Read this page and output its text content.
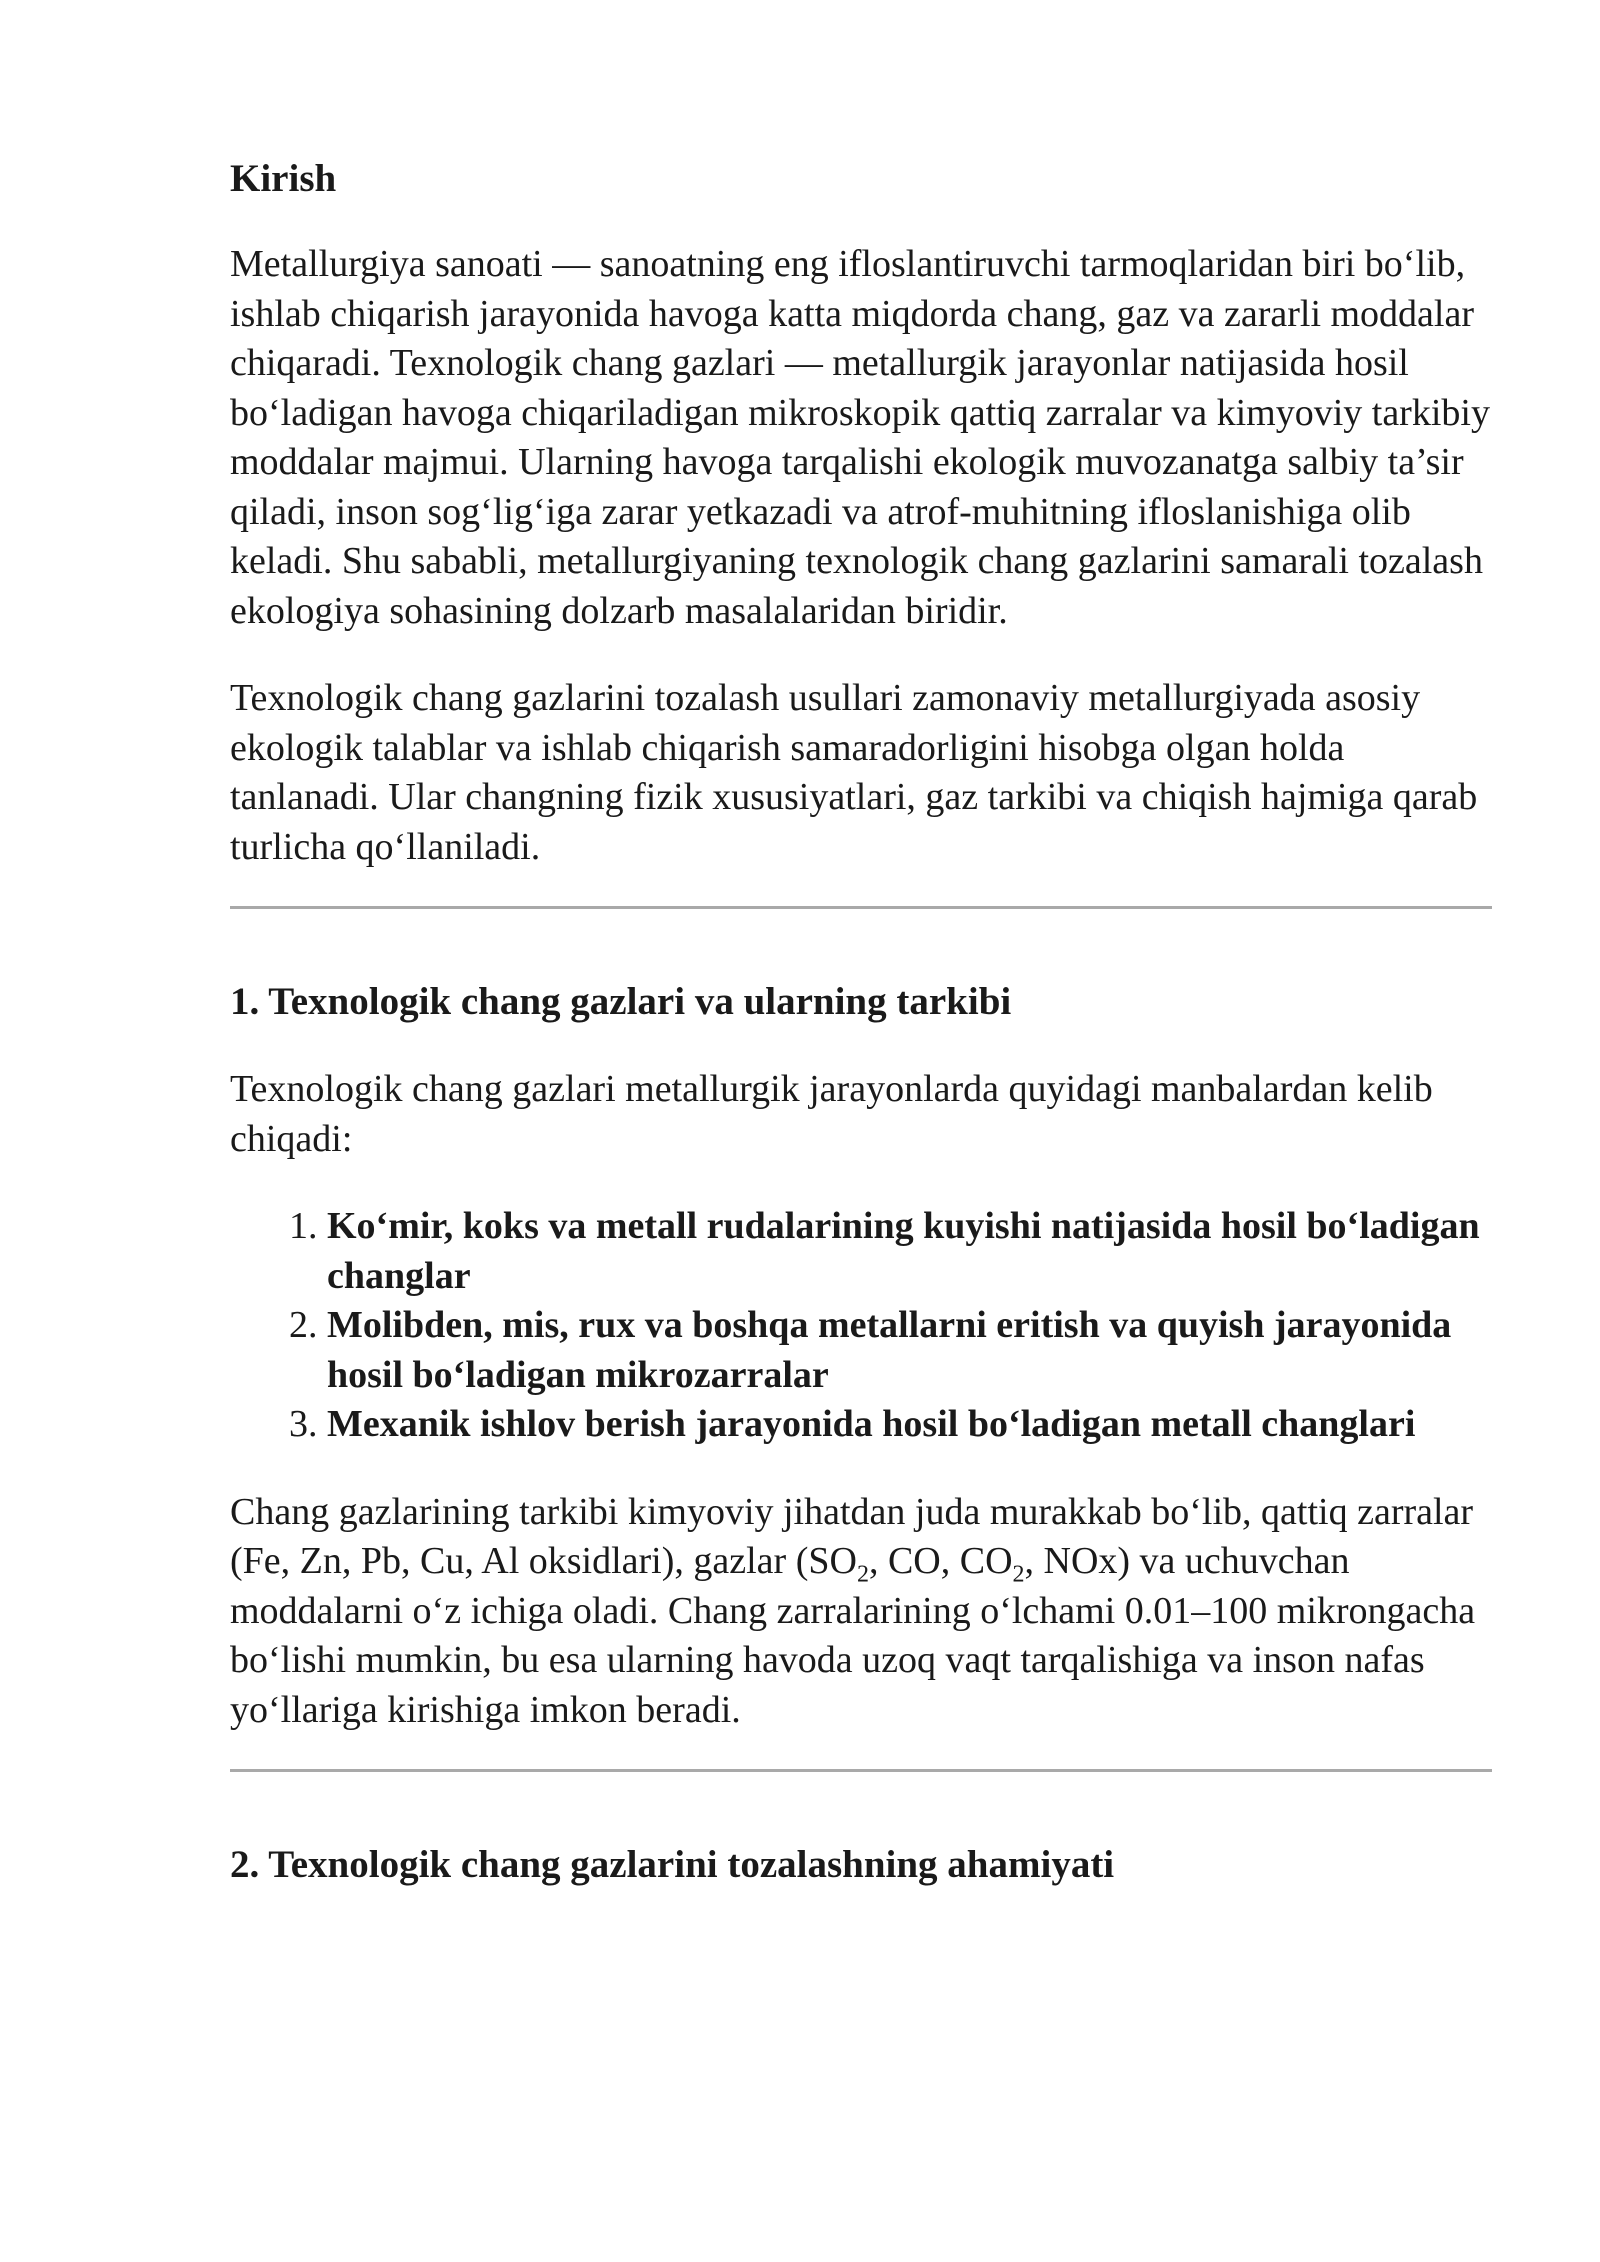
Kirish

Metallurgiya sanoati — sanoatning eng ifloslantiruvchi tarmoqlaridan biri bo‘lib, ishlab chiqarish jarayonida havoga katta miqdorda chang, gaz va zararli moddalar chiqaradi. Texnologik chang gazlari — metallurgik jarayonlar natijasida hosil bo‘ladigan havoga chiqariladigan mikroskopik qattiq zarralar va kimyoviy tarkibiy moddalar majmui. Ularning havoga tarqalishi ekologik muvozanatga salbiy ta’sir qiladi, inson sog‘lig‘iga zarar yetkazadi va atrof-muhitning ifloslanishiga olib keladi. Shu sababli, metallurgiyaning texnologik chang gazlarini samarali tozalash ekologiya sohasining dolzarb masalalaridan biridir.

Texnologik chang gazlarini tozalash usullari zamonaviy metallurgiyada asosiy ekologik talablar va ishlab chiqarish samaradorligini hisobga olgan holda tanlanadi. Ular changning fizik xususiyatlari, gaz tarkibi va chiqish hajmiga qarab turlicha qo‘llaniladi.

1. Texnologik chang gazlari va ularning tarkibi

Texnologik chang gazlari metallurgik jarayonlarda quyidagi manbalardan kelib chiqadi:

1. Ko‘mir, koks va metall rudalarining kuyishi natijasida hosil bo‘ladigan changlar
2. Molibden, mis, rux va boshqa metallarni eritish va quyish jarayonida hosil bo‘ladigan mikrozarralar
3. Mexanik ishlov berish jarayonida hosil bo‘ladigan metall changlari

Chang gazlarining tarkibi kimyoviy jihatdan juda murakkab bo‘lib, qattiq zarralar (Fe, Zn, Pb, Cu, Al oksidlari), gazlar ($SO_2$, CO, $CO_2$, NOx) va uchuvchan moddalarni o‘z ichiga oladi. Chang zarralarining o‘lchami 0.01–100 mikrongacha bo‘lishi mumkin, bu esa ularning havoda uzoq vaqt tarqalishiga va inson nafas yo‘llariga kirishiga imkon beradi.

2. Texnologik chang gazlarini tozalashning ahamiyati
